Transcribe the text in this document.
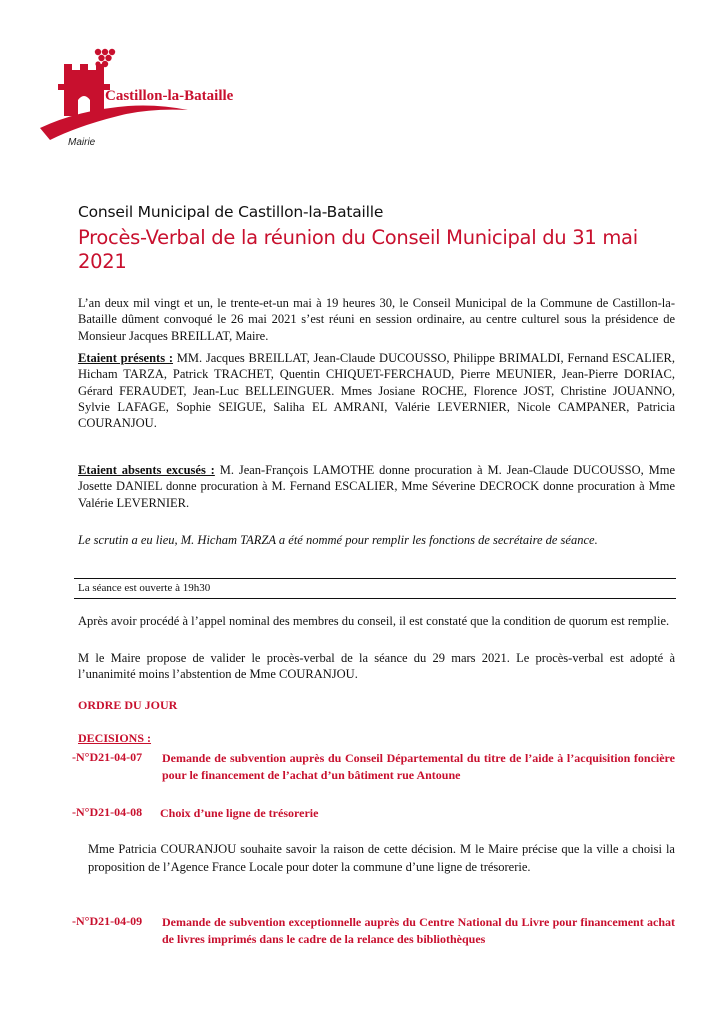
Castillon-la-Bataille
Mairie
Conseil Municipal de Castillon-la-Bataille
Procès-Verbal de la réunion du Conseil Municipal du 31 mai 2021

L’an deux mil vingt et un, le trente-et-un mai à 19 heures 30, le Conseil Municipal de la Commune de Castillon-la-Bataille dûment convoqué le 26 mai 2021 s’est réuni en session ordinaire, au centre culturel sous la présidence de Monsieur Jacques BREILLAT, Maire.

Etaient présents : MM. Jacques BREILLAT, Jean-Claude DUCOUSSO, Philippe BRIMALDI, Fernand ESCALIER, Hicham TARZA, Patrick TRACHET, Quentin CHIQUET-FERCHAUD, Pierre MEUNIER, Jean-Pierre DORIAC, Gérard FERAUDET, Jean-Luc BELLEINGUER. Mmes Josiane ROCHE, Florence JOST, Christine JOUANNO, Sylvie LAFAGE, Sophie SEIGUE, Saliha EL AMRANI, Valérie LEVERNIER, Nicole CAMPANER, Patricia COURANJOU.

Etaient absents excusés : M. Jean-François LAMOTHE donne procuration à M. Jean-Claude DUCOUSSO, Mme Josette DANIEL donne procuration à M. Fernand ESCALIER, Mme Séverine DECROCK donne procuration à Mme Valérie LEVERNIER.

Le scrutin a eu lieu, M. Hicham TARZA a été nommé pour remplir les fonctions de secrétaire de séance.

La séance est ouverte à 19h30

Après avoir procédé à l’appel nominal des membres du conseil, il est constaté que la condition de quorum est remplie.

M le Maire propose de valider le procès-verbal de la séance du 29 mars 2021. Le procès-verbal est adopté à l’unanimité moins l’abstention de Mme COURANJOU.

ORDRE DU JOUR
DECISIONS :
-N°D21-04-07 Demande de subvention auprès du Conseil Départemental du titre de l’aide à l’acquisition foncière pour le financement de l’achat d’un bâtiment rue Antoune

-N°D21-04-08 Choix d’une ligne de trésorerie

Mme Patricia COURANJOU souhaite savoir la raison de cette décision. M le Maire précise que la ville a choisi la proposition de l’Agence France Locale pour doter la commune d’une ligne de trésorerie.

-N°D21-04-09 Demande de subvention exceptionnelle auprès du Centre National du Livre pour financement achat de livres imprimés dans le cadre de la relance des bibliothèques
